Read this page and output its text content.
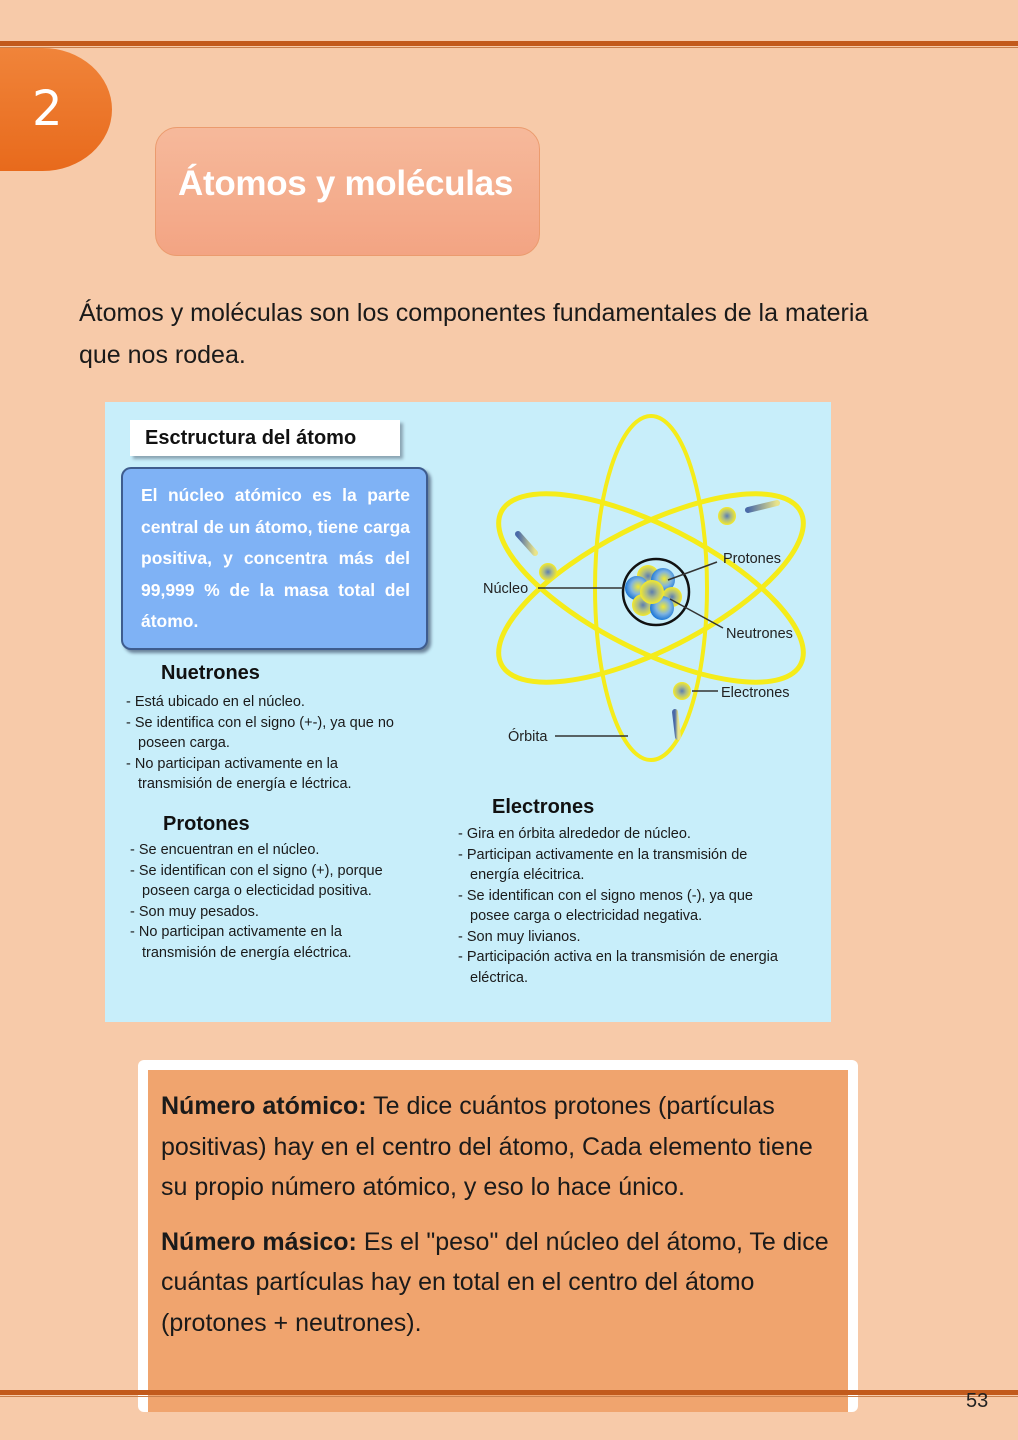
2
Átomos y moléculas
Átomos y moléculas son los componentes fundamentales de la materia que nos rodea.
Esctructura del átomo
El núcleo atómico es la parte central de un átomo, tiene carga positiva, y concentra más del 99,999 % de la masa total del átomo.
Nuetrones
- Está ubicado en el núcleo.
- Se identifica con el signo (+-), ya que no poseen carga.
- No participan activamente en la transmisión de energía e léctrica.
Protones
- Se encuentran en el núcleo.
- Se identifican con el signo (+), porque poseen carga o electicidad positiva.
- Son muy pesados.
- No participan activamente en la transmisión de energía eléctrica.
Electrones
- Gira en órbita alrededor de núcleo.
- Participan activamente en la transmisión de energía elécitrica.
- Se identifican con el signo menos (-), ya que posee carga o electricidad negativa.
- Son muy livianos.
- Participación activa en la transmisión de energia eléctrica.
Protones
Núcleo
Neutrones
Electrones
Órbita

Número atómico: Te dice cuántos protones (partículas positivas) hay en el centro del átomo, Cada elemento tiene su propio número atómico, y eso lo hace único.

Número másico: Es el "peso" del núcleo del átomo, Te dice cuántas partículas hay en total en el centro del átomo (protones + neutrones).

53
